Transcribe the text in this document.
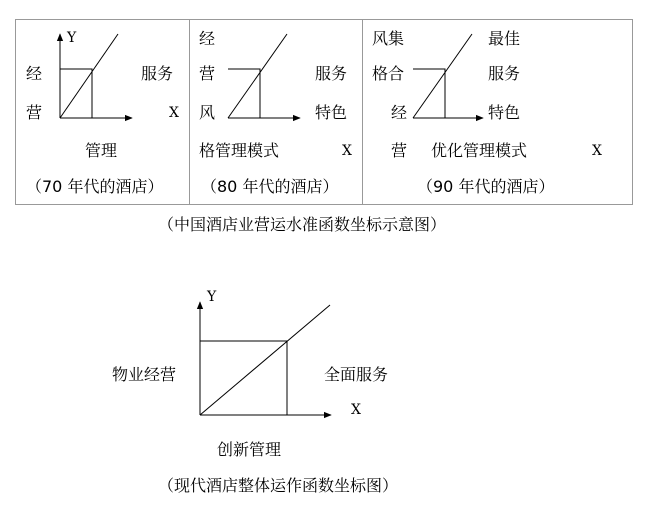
Y
经
营
服务
X
管理
（70 年代的酒店）
经
营
风
服务
特色
格管理模式	X
（80 年代的酒店）
风集
格合
经
营
最佳
服务
特色
优化管理模式	X
（90 年代的酒店）
（中国酒店业营运水准函数坐标示意图）
Y
物业经营	全面服务
X
创新管理
（现代酒店整体运作函数坐标图）
